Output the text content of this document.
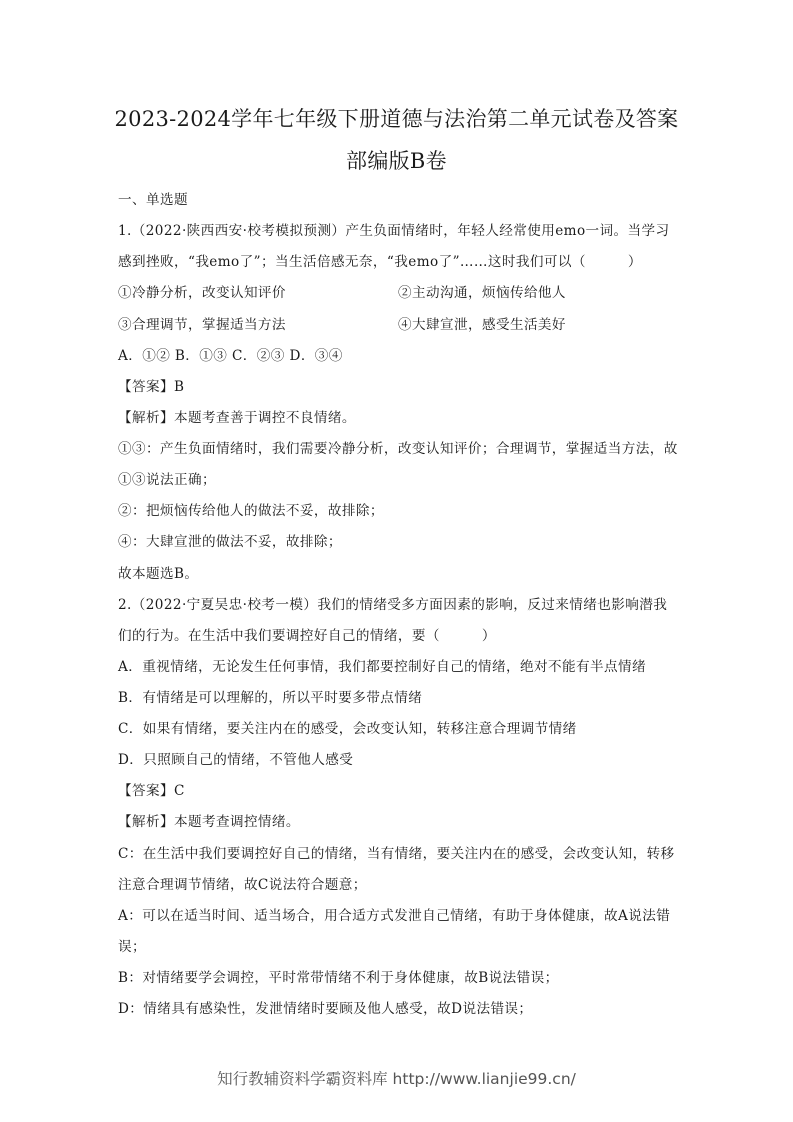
2023-2024学年七年级下册道德与法治第二单元试卷及答案
部编版B卷
一、单选题
1.（2022·陕西西安·校考模拟预测）产生负面情绪时，年轻人经常使用emo一词。当学习
感到挫败，“我emo了”；当生活倍感无奈，“我emo了”……这时我们可以（　　　）
①冷静分析，改变认知评价	②主动沟通，烦恼传给他人
③合理调节，掌握适当方法	④大肆宣泄，感受生活美好
A．①② B．①③ C．②③ D．③④
【答案】B
【解析】本题考查善于调控不良情绪。
①③：产生负面情绪时，我们需要冷静分析，改变认知评价；合理调节，掌握适当方法，故
①③说法正确；
②：把烦恼传给他人的做法不妥，故排除；
④：大肆宣泄的做法不妥，故排除；
故本题选B。
2.（2022·宁夏吴忠·校考一模）我们的情绪受多方面因素的影响，反过来情绪也影响潜我
们的行为。在生活中我们要调控好自己的情绪，要（　　　）
A．重视情绪，无论发生任何事情，我们都要控制好自己的情绪，绝对不能有半点情绪
B．有情绪是可以理解的，所以平时要多带点情绪
C．如果有情绪，要关注内在的感受，会改变认知，转移注意合理调节情绪
D．只照顾自己的情绪，不管他人感受
【答案】C
【解析】本题考查调控情绪。
C：在生活中我们要调控好自己的情绪，当有情绪，要关注内在的感受，会改变认知，转移
注意合理调节情绪，故C说法符合题意；
A：可以在适当时间、适当场合，用合适方式发泄自己情绪，有助于身体健康，故A说法错
误；
B：对情绪要学会调控，平时常带情绪不利于身体健康，故B说法错误；
D：情绪具有感染性，发泄情绪时要顾及他人感受，故D说法错误；
知行教辅资料学霸资料库 http://www.lianjie99.cn/
